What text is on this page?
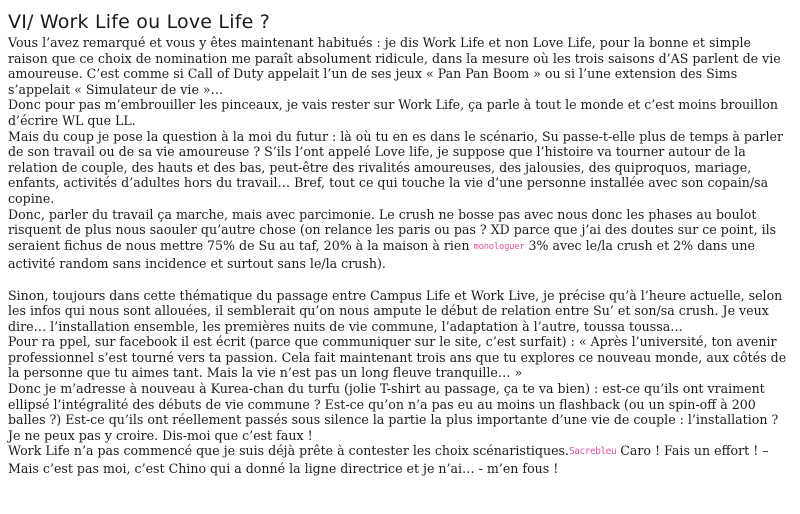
VI/ Work Life ou Love Life ?

Vous l’avez remarqué et vous y êtes maintenant habitués : je dis Work Life et non Love Life, pour la bonne et simple raison que ce choix de nomination me paraît absolument ridicule, dans la mesure où les trois saisons d’AS parlent de vie amoureuse. C’est comme si Call of Duty appelait l’un de ses jeux « Pan Pan Boom » ou si l’une extension des Sims s’appelait « Simulateur de vie »…

Donc pour pas m’embrouiller les pinceaux, je vais rester sur Work Life, ça parle à tout le monde et c’est moins brouillon d’écrire WL que LL.

Mais du coup je pose la question à la moi du futur : là où tu en es dans le scénario, Su passe-t-elle plus de temps à parler de son travail ou de sa vie amoureuse ? S’ils l’ont appelé Love life, je suppose que l’histoire va tourner autour de la relation de couple, des hauts et des bas, peut-être des rivalités amoureuses, des jalousies, des quiproquos, mariage, enfants, activités d’adultes hors du travail… Bref, tout ce qui touche la vie d’une personne installée avec son copain/sa copine.

Donc, parler du travail ça marche, mais avec parcimonie. Le crush ne bosse pas avec nous donc les phases au boulot risquent de plus nous saouler qu’autre chose (on relance les paris ou pas ? XD parce que j’ai des doutes sur ce point, ils seraient fichus de nous mettre 75% de Su au taf, 20% à la maison à rien monologuer 3% avec le/la crush et 2% dans une activité random sans incidence et surtout sans le/la crush).

Sinon, toujours dans cette thématique du passage entre Campus Life et Work Live, je précise qu’à l’heure actuelle, selon les infos qui nous sont allouées, il semblerait qu’on nous ampute le début de relation entre Su’ et son/sa crush. Je veux dire… l’installation ensemble, les premières nuits de vie commune, l’adaptation à l’autre, toussa toussa…

Pour ra ppel, sur facebook il est écrit (parce que communiquer sur le site, c’est surfait) : « Après l’université, ton avenir professionnel s’est tourné vers ta passion. Cela fait maintenant trois ans que tu explores ce nouveau monde, aux côtés de la personne que tu aimes tant. Mais la vie n’est pas un long fleuve tranquille… »

Donc je m’adresse à nouveau à Kurea-chan du turfu (jolie T-shirt au passage, ça te va bien) : est-ce qu’ils ont vraiment ellipsé l’intégralité des débuts de vie commune ? Est-ce qu’on n’a pas eu au moins un flashback (ou un spin-off à 200 balles ?) Est-ce qu’ils ont réellement passés sous silence la partie la plus importante d’une vie de couple : l’installation ? Je ne peux pas y croire. Dis-moi que c’est faux !

Work Life n’a pas commencé que je suis déjà prête à contester les choix scénaristiques.Sacrebleu Caro ! Fais un effort ! – Mais c’est pas moi, c’est Chino qui a donné la ligne directrice et je n’ai… - m’en fous !
